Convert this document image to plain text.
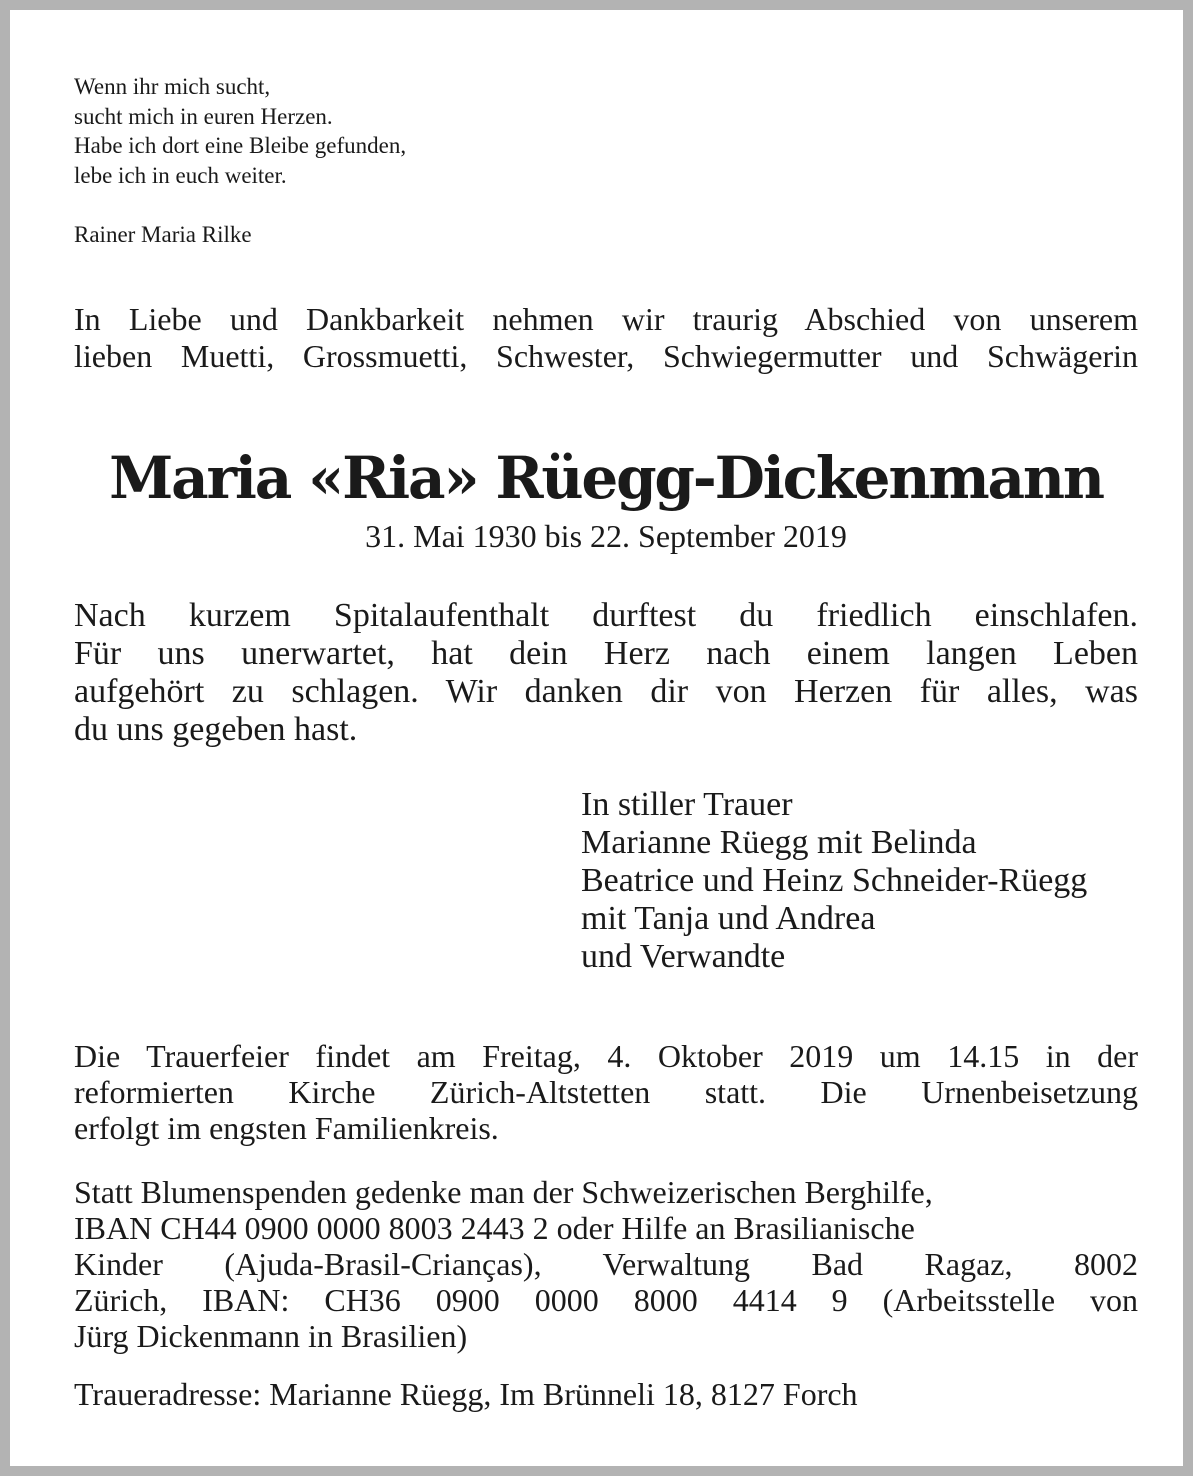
Wenn ihr mich sucht,
sucht mich in euren Herzen.
Habe ich dort eine Bleibe gefunden,
lebe ich in euch weiter.
Rainer Maria Rilke
In Liebe und Dankbarkeit nehmen wir traurig Abschied von unserem
lieben Muetti, Grossmuetti, Schwester, Schwiegermutter und Schwägerin
Maria «Ria» Rüegg-Dickenmann
31. Mai 1930 bis 22. September 2019
Nach kurzem Spitalaufenthalt durftest du friedlich einschlafen.
Für uns unerwartet, hat dein Herz nach einem langen Leben
aufgehört zu schlagen. Wir danken dir von Herzen für alles, was
du uns gegeben hast.
In stiller Trauer
Marianne Rüegg mit Belinda
Beatrice und Heinz Schneider-Rüegg
mit Tanja und Andrea
und Verwandte
Die Trauerfeier findet am Freitag, 4. Oktober 2019 um 14.15 in der
reformierten Kirche Zürich-Altstetten statt. Die Urnenbeisetzung
erfolgt im engsten Familienkreis.
Statt Blumenspenden gedenke man der Schweizerischen Berghilfe,
IBAN CH44 0900 0000 8003 2443 2 oder Hilfe an Brasilianische
Kinder (Ajuda-Brasil-Crianças), Verwaltung Bad Ragaz, 8002
Zürich, IBAN: CH36 0900 0000 8000 4414 9 (Arbeitsstelle von
Jürg Dickenmann in Brasilien)
Traueradresse: Marianne Rüegg, Im Brünneli 18, 8127 Forch
